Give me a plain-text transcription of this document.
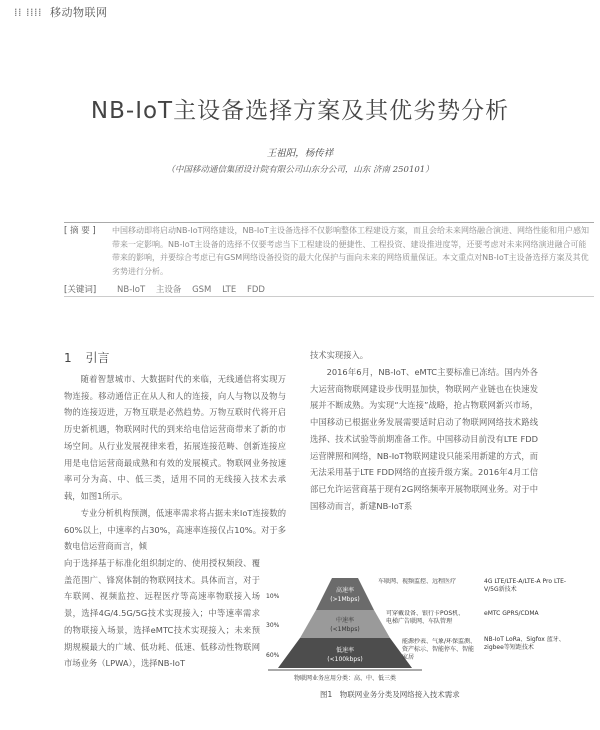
⁞⁞ ⁞⁞⁞⁞ 移动物联网
NB-IoT主设备选择方案及其优劣势分析
王祖阳，杨传祥
（中国移动通信集团设计院有限公司山东分公司，山东 济南 250101）
[ 摘 要 ] 中国移动即将启动NB-IoT网络建设，NB-IoT主设备选择不仅影响整体工程建设方案，而且会给未来网络融合演进、网络性能和用户感知带来一定影响。NB-IoT主设备的选择不仅要考虑当下工程建设的便捷性、工程投资、建设推进度等，还要考虑对未来网络演进融合可能带来的影响，并要综合考虑已有GSM网络设备投资的最大化保护与面向未来的网络质量保证。本文重点对NB-IoT主设备选择方案及其优劣势进行分析。
[关键词] NB-IoT 主设备 GSM LTE FDD
1 引言
随着智慧城市、大数据时代的来临，无线通信将实现万物连接。移动通信正在从人和人的连接，向人与物以及物与物的连接迈进，万物互联是必然趋势。万物互联时代将开启历史新机遇，物联网时代的到来给电信运营商带来了新的市场空间。从行业发展视律来看，拓展连接范畴、创新连接应用是电信运营商最成熟和有效的发展模式。物联网业务按速率可分为高、中、低三类，适用不同的无线接入技术去承载，如图1所示。
专业分析机构预测，低速率需求将占据未来IoT连接数的60%以上，中速率约占30%，高速率连接仅占10%。对于多数电信运营商而言，倾
向于选择基于标准化组织制定的、使用授权频段、覆盖范围广、锋窝体制的物联网技术。具体而言，对于车联网、视频监控、远程医疗等高速率物联接入场景，选择4G/4.5G/5G技术实现接入；中等速率需求的物联接入场景，选择eMTC技术实现接入；未来预期规模最大的广域、低功耗、低速、低移动性物联网市场业务（LPWA），选择NB-IoT
技术实现接入。
2016年6月，NB-IoT、eMTC主要标准已冻结。国内外各大运营商物联网建设步伐明显加快，物联网产业链也在快速发展并不断成熟。为实现“大连接”战略，抢占物联网新兴市场，中国移动已根据业务发展需要适时启动了物联网网络技术路线选择、技术试验等前期准备工作。中国移动目前没有LTE FDD运营牌照和网络，NB-IoT物联网建设只能采用新建的方式，而无法采用基于LTE FDD网络的直接升级方案。2016年4月工信部已允许运营商基于现有2G网络频率开展物联网业务。对于中国移动而言，新建NB-IoT系
高速率
(>1Mbps)
中速率
(<1Mbps)
低速率
(<100kbps)
10%
30%
60%
物联网业务应用分类：高、中、低三类
车联网、视频监控、远程医疗
可穿戴设备、银行卡POS机、电梯广告联网、车队管理
能源抄表、气象/环保监测、资产标示、智能停车、智能家居
4G LTE/LTE-A/LTE-A Pro LTE-V/5G新技术
eMTC GPRS/CDMA
NB-IoT LoRa、Sigfox 蓝牙、zigbee等短距技术
图1　物联网业务分类及网络接入技术需求
